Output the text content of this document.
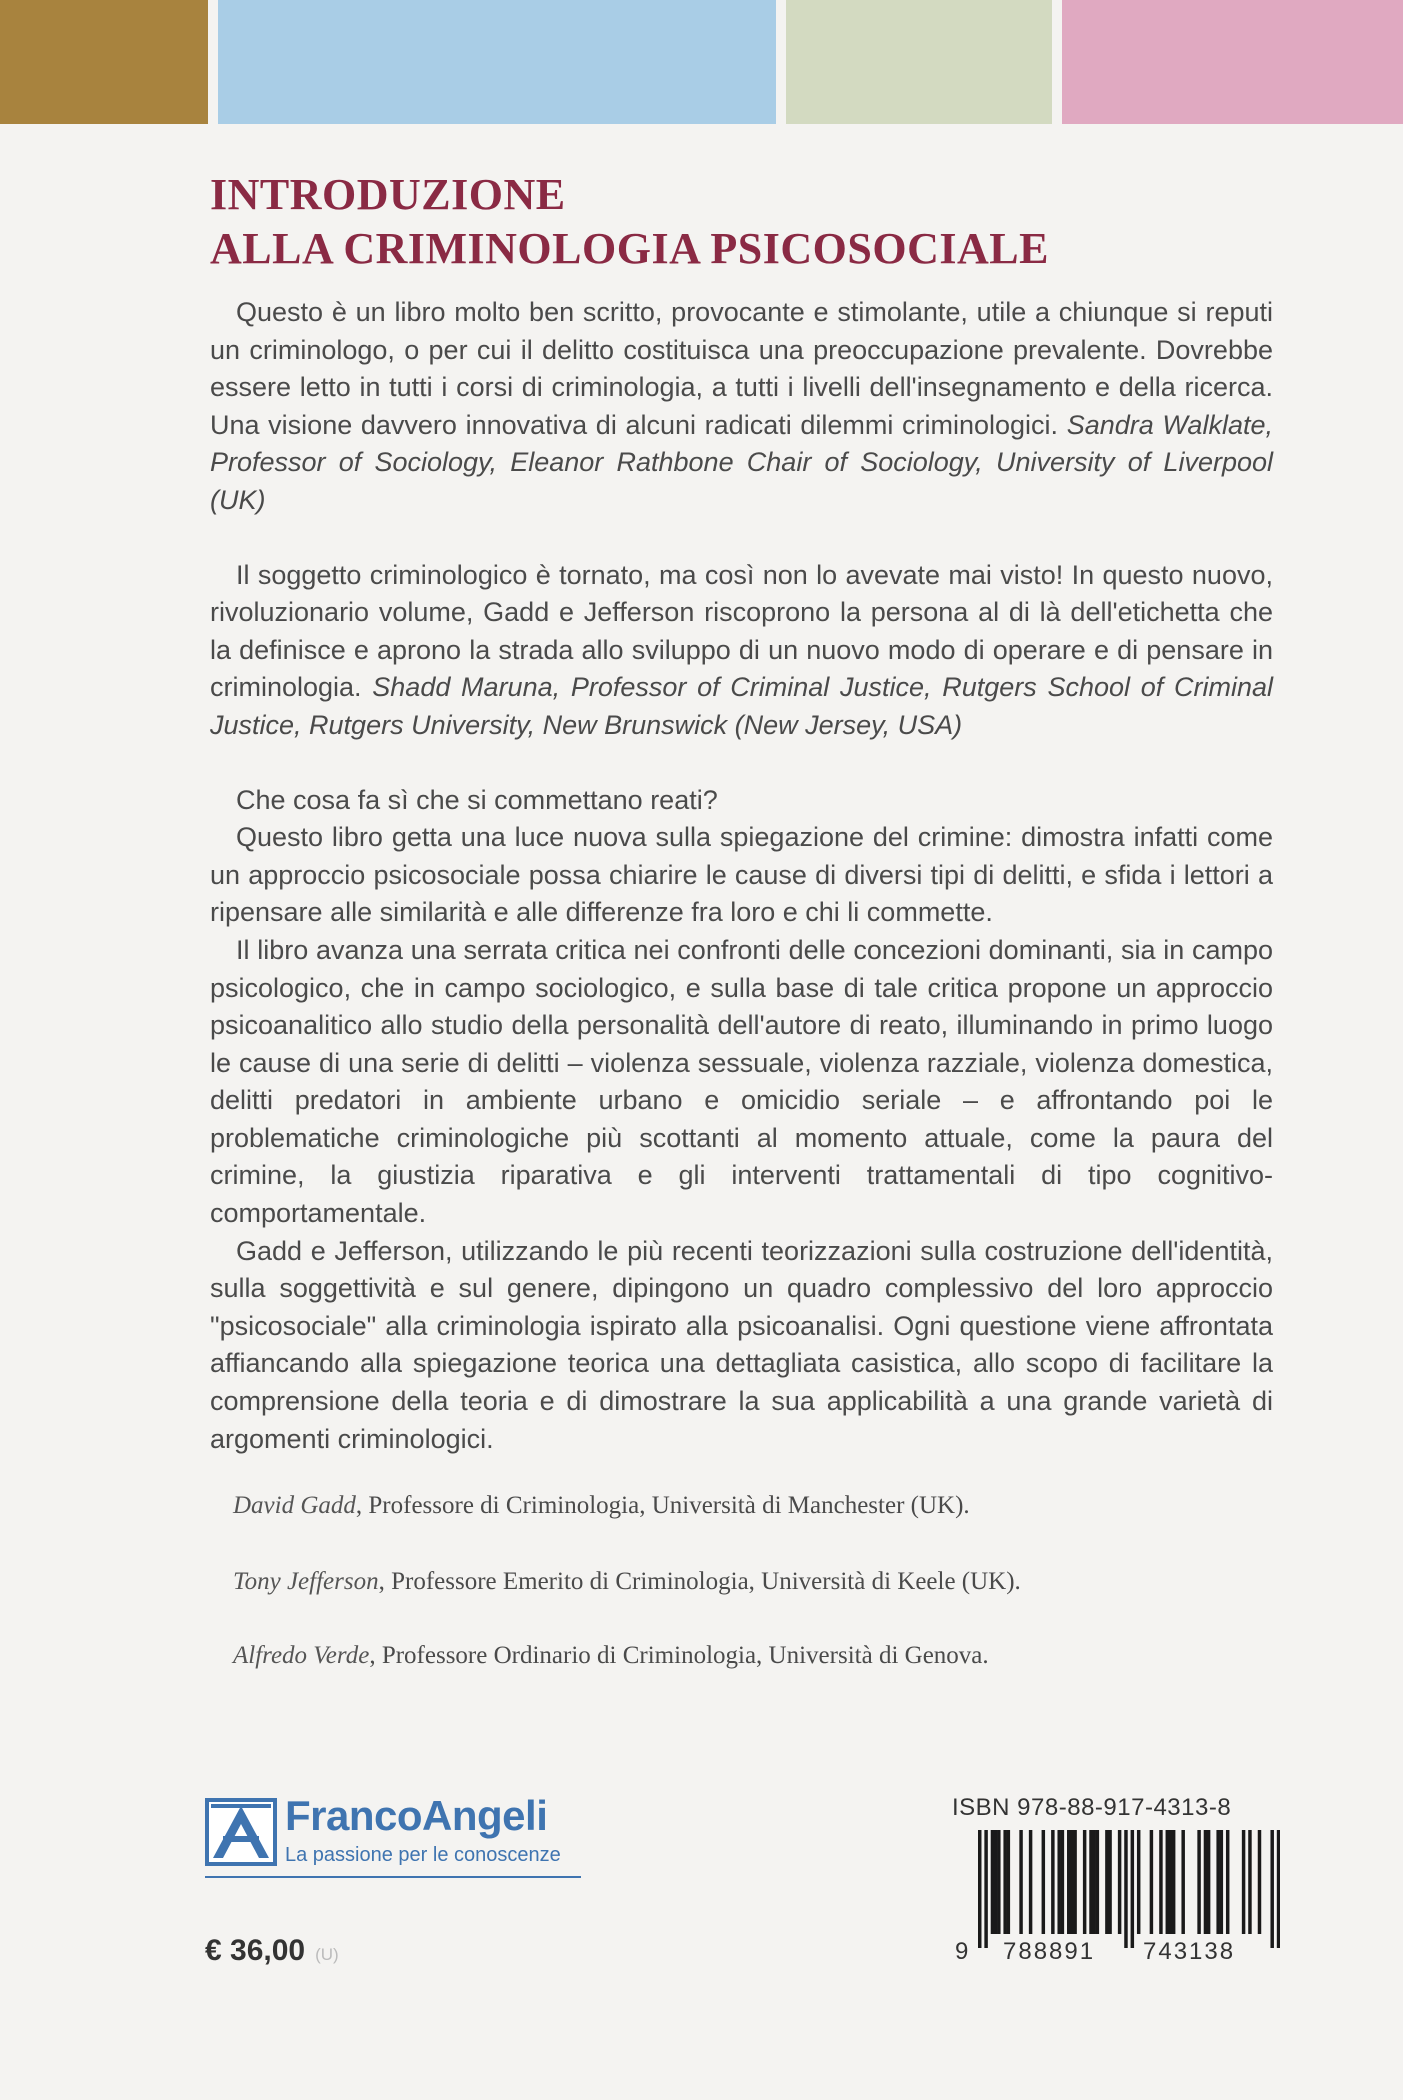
INTRODUZIONE
ALLA CRIMINOLOGIA PSICOSOCIALE

Questo è un libro molto ben scritto, provocante e stimolante, utile a chiunque si reputi un criminologo, o per cui il delitto costituisca una preoccupazione prevalente. Dovrebbe essere letto in tutti i corsi di criminologia, a tutti i livelli dell'insegnamento e della ricerca. Una visione davvero innovativa di alcuni radicati dilemmi criminologici. Sandra Walklate, Professor of Sociology, Eleanor Rathbone Chair of Sociology, University of Liverpool (UK)

Il soggetto criminologico è tornato, ma così non lo avevate mai visto! In questo nuovo, rivoluzionario volume, Gadd e Jefferson riscoprono la persona al di là dell'etichetta che la definisce e aprono la strada allo sviluppo di un nuovo modo di operare e di pensare in criminologia. Shadd Maruna, Professor of Criminal Justice, Rutgers School of Criminal Justice, Rutgers University, New Brunswick (New Jersey, USA)

Che cosa fa sì che si commettano reati?

Questo libro getta una luce nuova sulla spiegazione del crimine: dimostra infatti come un approccio psicosociale possa chiarire le cause di diversi tipi di delitti, e sfida i lettori a ripensare alle similarità e alle differenze fra loro e chi li commette.

Il libro avanza una serrata critica nei confronti delle concezioni dominanti, sia in campo psicologico, che in campo sociologico, e sulla base di tale critica propone un approccio psicoanalitico allo studio della personalità dell'autore di reato, illuminando in primo luogo le cause di una serie di delitti – violenza sessuale, violenza razziale, violenza domestica, delitti predatori in ambiente urbano e omicidio seriale – e affrontando poi le problematiche criminologiche più scottanti al momento attuale, come la paura del crimine, la giustizia riparativa e gli interventi trattamentali di tipo cognitivo-comportamentale.

Gadd e Jefferson, utilizzando le più recenti teorizzazioni sulla costruzione dell'identità, sulla soggettività e sul genere, dipingono un quadro complessivo del loro approccio "psicosociale" alla criminologia ispirato alla psicoanalisi. Ogni questione viene affrontata affiancando alla spiegazione teorica una dettagliata casistica, allo scopo di facilitare la comprensione della teoria e di dimostrare la sua applicabilità a una grande varietà di argomenti criminologici.

David Gadd, Professore di Criminologia, Università di Manchester (UK).
Tony Jefferson, Professore Emerito di Criminologia, Università di Keele (UK).
Alfredo Verde, Professore Ordinario di Criminologia, Università di Genova.
FrancoAngeli
La passione per le conoscenze
€ 36,00 (U)
ISBN 978-88-917-4313-8
9 788891 743138
